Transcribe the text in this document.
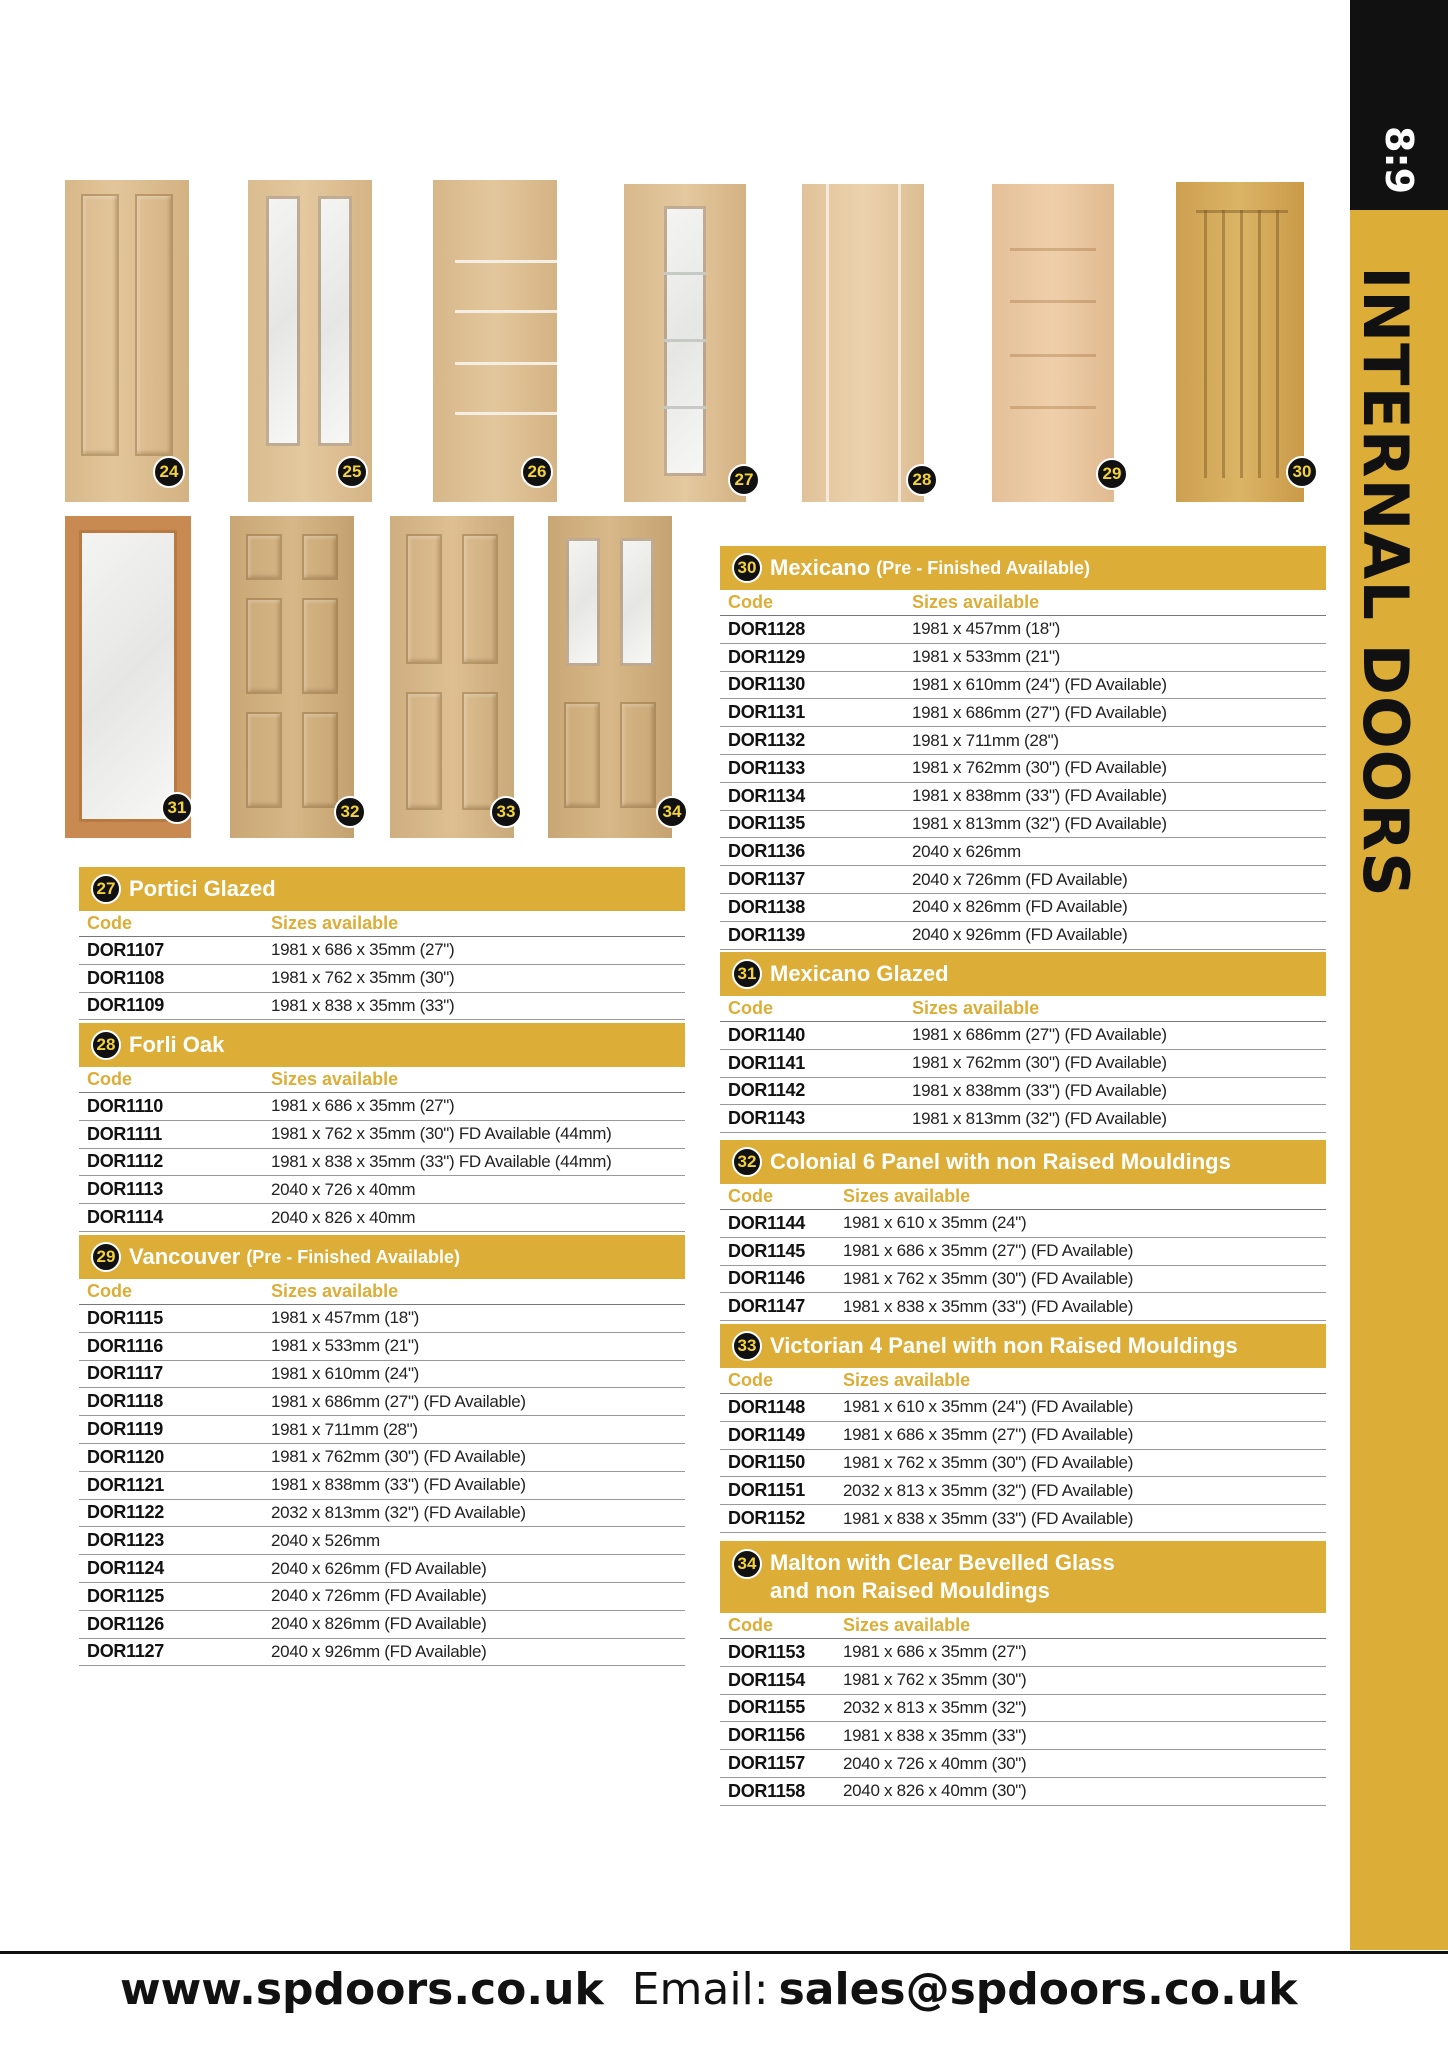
8:9
INTERNAL DOORS
24	25	26	27	28	29	30
31	32	33	34
27 Portici Glazed
Code	Sizes available
DOR1107	1981 x 686 x 35mm (27")
DOR1108	1981 x 762 x 35mm (30")
DOR1109	1981 x 838 x 35mm (33")
28 Forli Oak
Code	Sizes available
DOR1110	1981 x 686 x 35mm (27")
DOR1111	1981 x 762 x 35mm (30") FD Available (44mm)
DOR1112	1981 x 838 x 35mm (33") FD Available (44mm)
DOR1113	2040 x 726 x 40mm
DOR1114	2040 x 826 x 40mm
29 Vancouver (Pre - Finished Available)
Code	Sizes available
DOR1115	1981 x 457mm (18")
DOR1116	1981 x 533mm (21")
DOR1117	1981 x 610mm (24")
DOR1118	1981 x 686mm (27") (FD Available)
DOR1119	1981 x 711mm (28")
DOR1120	1981 x 762mm (30") (FD Available)
DOR1121	1981 x 838mm (33") (FD Available)
DOR1122	2032 x 813mm (32") (FD Available)
DOR1123	2040 x 526mm
DOR1124	2040 x 626mm (FD Available)
DOR1125	2040 x 726mm (FD Available)
DOR1126	2040 x 826mm (FD Available)
DOR1127	2040 x 926mm (FD Available)
30 Mexicano (Pre - Finished Available)
Code	Sizes available
DOR1128	1981 x 457mm (18")
DOR1129	1981 x 533mm (21")
DOR1130	1981 x 610mm (24") (FD Available)
DOR1131	1981 x 686mm (27") (FD Available)
DOR1132	1981 x 711mm (28")
DOR1133	1981 x 762mm (30") (FD Available)
DOR1134	1981 x 838mm (33") (FD Available)
DOR1135	1981 x 813mm (32") (FD Available)
DOR1136	2040 x 626mm
DOR1137	2040 x 726mm (FD Available)
DOR1138	2040 x 826mm (FD Available)
DOR1139	2040 x 926mm (FD Available)
31 Mexicano Glazed
Code	Sizes available
DOR1140	1981 x 686mm (27") (FD Available)
DOR1141	1981 x 762mm (30") (FD Available)
DOR1142	1981 x 838mm (33") (FD Available)
DOR1143	1981 x 813mm (32") (FD Available)
32 Colonial 6 Panel with non Raised Mouldings
Code	Sizes available
DOR1144	1981 x 610 x 35mm (24")
DOR1145	1981 x 686 x 35mm (27") (FD Available)
DOR1146	1981 x 762 x 35mm (30") (FD Available)
DOR1147	1981 x 838 x 35mm (33") (FD Available)
33 Victorian 4 Panel with non Raised Mouldings
Code	Sizes available
DOR1148	1981 x 610 x 35mm (24") (FD Available)
DOR1149	1981 x 686 x 35mm (27") (FD Available)
DOR1150	1981 x 762 x 35mm (30") (FD Available)
DOR1151	2032 x 813 x 35mm (32") (FD Available)
DOR1152	1981 x 838 x 35mm (33") (FD Available)
34 Malton with Clear Bevelled Glass
and non Raised Mouldings
Code	Sizes available
DOR1153	1981 x 686 x 35mm (27")
DOR1154	1981 x 762 x 35mm (30")
DOR1155	2032 x 813 x 35mm (32")
DOR1156	1981 x 838 x 35mm (33")
DOR1157	2040 x 726 x 40mm (30")
DOR1158	2040 x 826 x 40mm (30")
www.spdoors.co.uk Email: sales@spdoors.co.uk
